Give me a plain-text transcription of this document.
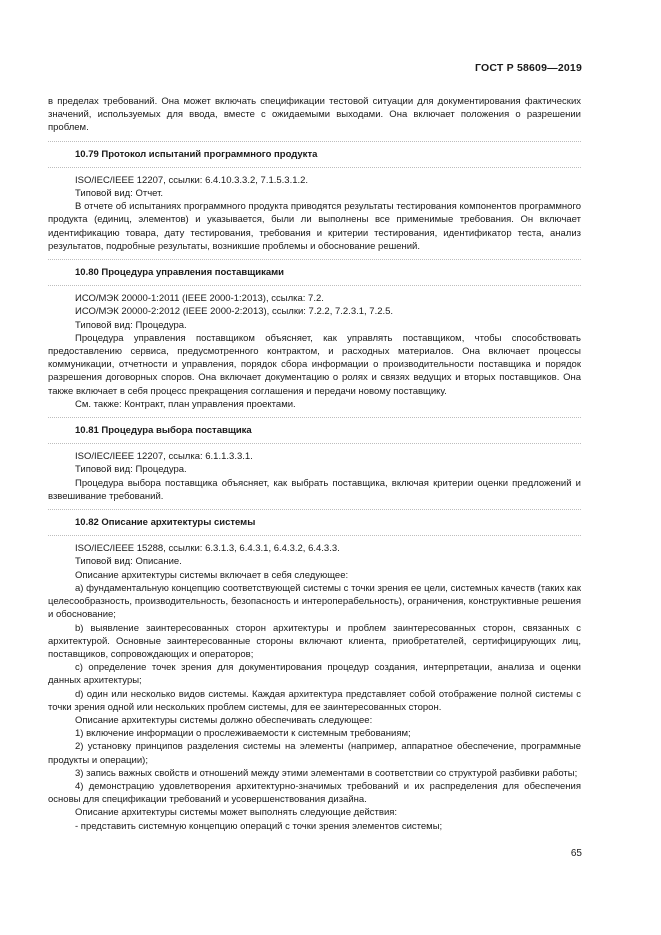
ГОСТ Р 58609—2019

в пределах требований. Она может включать спецификации тестовой ситуации для документирования фактических значений, используемых для ввода, вместе с ожидаемыми выходами. Она включает положения о разрешении проблем.

10.79 Протокол испытаний программного продукта

ISO/IEC/IEEE 12207, ссылки: 6.4.10.3.3.2, 7.1.5.3.1.2.

Типовой вид: Отчет.

В отчете об испытаниях программного продукта приводятся результаты тестирования компонентов программного продукта (единиц, элементов) и указывается, были ли выполнены все применимые требования. Он включает идентификацию товара, дату тестирования, требования и критерии тестирования, идентификатор теста, анализ результатов, подробные результаты, возникшие проблемы и обоснование решений.

10.80 Процедура управления поставщиками

ИСО/МЭК 20000-1:2011 (IEEE 2000-1:2013), ссылка: 7.2.

ИСО/МЭК 20000-2:2012 (IEEE 2000-2:2013), ссылки: 7.2.2, 7.2.3.1, 7.2.5.

Типовой вид: Процедура.

Процедура управления поставщиком объясняет, как управлять поставщиком, чтобы способствовать предоставлению сервиса, предусмотренного контрактом, и расходных материалов. Она включает процессы коммуникации, отчетности и управления, порядок сбора информации о производительности поставщика и порядок разрешения договорных споров. Она включает документацию о ролях и связях ведущих и вторых поставщиков. Она также включает в себя процесс прекращения соглашения и передачи новому поставщику.

См. также: Контракт, план управления проектами.

10.81 Процедура выбора поставщика

ISO/IEC/IEEE 12207, ссылка: 6.1.1.3.3.1.

Типовой вид: Процедура.

Процедура выбора поставщика объясняет, как выбрать поставщика, включая критерии оценки предложений и взвешивание требований.

10.82 Описание архитектуры системы

ISO/IEC/IEEE 15288, ссылки: 6.3.1.3, 6.4.3.1, 6.4.3.2, 6.4.3.3.

Типовой вид: Описание.

Описание архитектуры системы включает в себя следующее:

a) фундаментальную концепцию соответствующей системы с точки зрения ее цели, системных качеств (таких как целесообразность, производительность, безопасность и интероперабельность), ограничения, конструктивные решения и обоснование;

b) выявление заинтересованных сторон архитектуры и проблем заинтересованных сторон, связанных с архитектурой. Основные заинтересованные стороны включают клиента, приобретателей, сертифицирующих лиц, поставщиков, сопровождающих и операторов;

c) определение точек зрения для документирования процедур создания, интерпретации, анализа и оценки данных архитектуры;

d) один или несколько видов системы. Каждая архитектура представляет собой отображение полной системы с точки зрения одной или нескольких проблем системы, для ее заинтересованных сторон.

Описание архитектуры системы должно обеспечивать следующее:

1) включение информации о прослеживаемости к системным требованиям;

2) установку принципов разделения системы на элементы (например, аппаратное обеспечение, программные продукты и операции);

3) запись важных свойств и отношений между этими элементами в соответствии со структурой разбивки работы;

4) демонстрацию удовлетворения архитектурно-значимых требований и их распределения для обеспечения основы для спецификации требований и усовершенствования дизайна.

Описание архитектуры системы может выполнять следующие действия:

- представить системную концепцию операций с точки зрения элементов системы;

65
